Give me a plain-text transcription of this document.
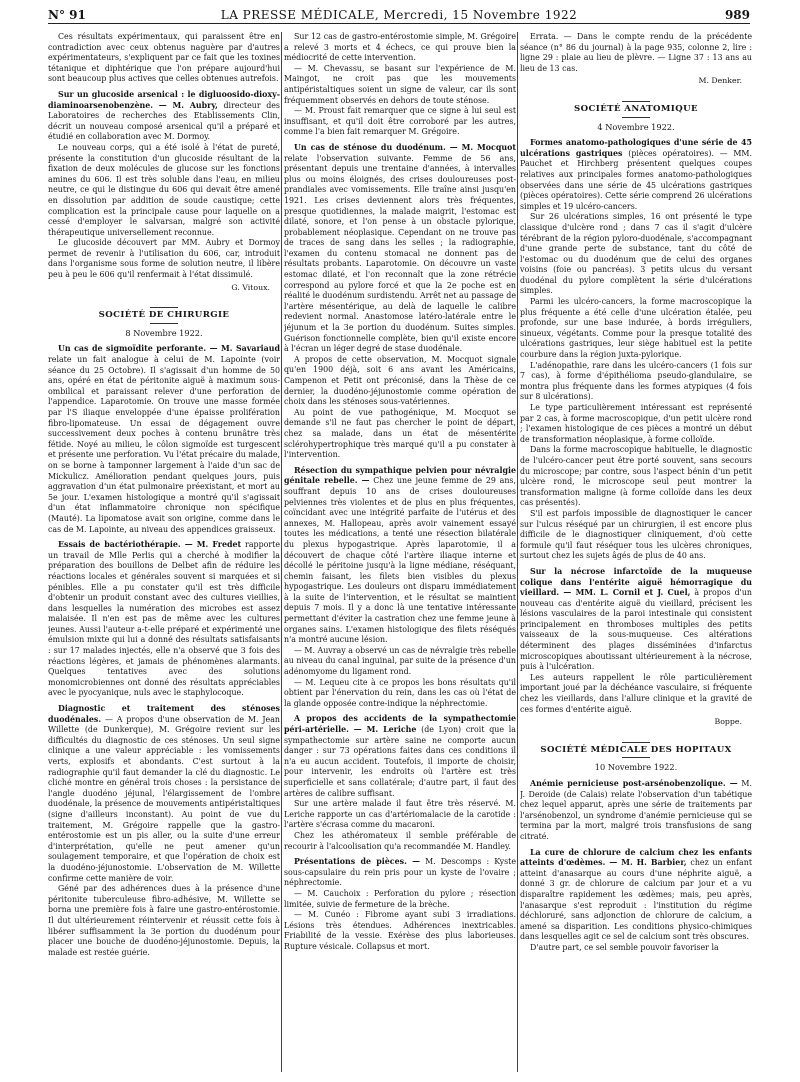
N° 91	LA PRESSE MÉDICALE, Mercredi, 15 Novembre 1922	989

Ces résultats expérimentaux, qui paraissent être en contradiction avec ceux obtenus naguère par d'autres expérimentateurs, s'expliquent par ce fait que les toxines tétanique et diphtérique que l'on prépare aujourd'hui sont beaucoup plus actives que celles obtenues autrefois.

Sur un glucoside arsenical : le digluoosido-dioxy-diaminoarsenobenzène. — M. Aubry, directeur des Laboratoires de recherches des Etablissements Clin, décrit un nouveau composé arsenical qu'il a préparé et étudié en collaboration avec M. Dormoy.

Le nouveau corps, qui a été isolé à l'état de pureté, présente la constitution d'un glucoside résultant de la fixation de deux molécules de glucose sur les fonctions amines du 606. Il est très soluble dans l'eau, en milieu neutre, ce qui le distingue du 606 qui devait être amené en dissolution par addition de soude caustique; cette complication est la principale cause pour laquelle on a cessé d'employer le salvarsan, malgré son activité thérapeutique universellement reconnue.

Le glucoside découvert par MM. Aubry et Dormoy permet de revenir à l'utilisation du 606, car, introduit dans l'organisme sous forme de solution neutre, il libère peu à peu le 606 qu'il renfermait à l'état dissimulé.

G. Vitoux.
SOCIÉTÉ DE CHIRURGIE
8 Novembre 1922.

Un cas de sigmoïdite perforante. — M. Savariaud relate un fait analogue à celui de M. Lapointe (voir séance du 25 Octobre). Il s'agissait d'un homme de 50 ans, opéré en état de péritonite aiguë à maximum sous-ombilical et paraissant relever d'une perforation de l'appendice. Laparotomie. On trouve une masse formée par l'S iliaque enveloppée d'une épaisse prolifération fibro-lipomateuse. Un essai de dégagement ouvre successivement deux poches à contenu brunâtre très fétide. Noyé au milieu, le côlon sigmoïde est turgescent et présente une perforation. Vu l'état précaire du malade, on se borne à tamponner largement à l'aide d'un sac de Mickulicz. Amélioration pendant quelques jours, puis aggravation d'un état pulmonaire préexistant, et mort au 5e jour. L'examen histologique a montré qu'il s'agissait d'un état inflammatoire chronique non spécifique (Mauté). La lipomatose avait son origine, comme dans le cas de M. Lapointe, au niveau des appendices graisseux.

Essais de bactériothérapie. — M. Fredet rapporte un travail de Mlle Perlis qui a cherché à modifier la préparation des bouillons de Delbet afin de réduire les réactions locales et générales souvent si marquées et si pénibles. Elle a pu constater qu'il est très difficile d'obtenir un produit constant avec des cultures vieillies, dans lesquelles la numération des microbes est assez malaisée. Il n'en est pas de même avec les cultures jeunes. Aussi l'auteur a-t-elle préparé et expérimenté une émulsion mixte qui lui a donné des résultats satisfaisants : sur 17 malades injectés, elle n'a observé que 3 fois des réactions légères, et jamais de phénomènes alarmants. Quelques tentatives avec des solutions monomicrobiennes ont donné des résultats appréciables avec le pyocyanique, nuls avec le staphylocoque.

Diagnostic et traitement des sténoses duodénales. — A propos d'une observation de M. Jean Willette (de Dunkerque), M. Grégoire revient sur les difficultés du diagnostic de ces sténoses. Un seul signe clinique a une valeur appréciable : les vomissements verts, explosifs et abondants. C'est surtout à la radiographie qu'il faut demander la clé du diagnostic. Le cliché montre en général trois choses : la persistance de l'angle duodéno jéjunal, l'élargissement de l'ombre duodénale, la présence de mouvements antipéristaltiques (signe d'ailleurs inconstant). Au point de vue du traitement, M. Grégoire rappelle que la gastro-entérostomie est un pis aller, ou la suite d'une erreur d'interprétation, qu'elle ne peut amener qu'un soulagement temporaire, et que l'opération de choix est la duodéno-jéjunostomie. L'observation de M. Willette confirme cette manière de voir.

Géné par des adhérences dues à la présence d'une péritonite tuberculeuse fibro-adhésive, M. Willette se bornа une première fois à faire une gastro-entérostomie. Il dut ultérieurement réintervenir et réussit cette fois à libérer suffisamment la 3e portion du duodénum pour placer une bouche de duodéno-jéjunostomie. Depuis, la malade est restée guérie.

Sur 12 cas de gastro-entérostomie simple, M. Grégoire a relevé 3 morts et 4 échecs, ce qui prouve bien la médiocrité de cette intervention.

— M. Chevassu, se basant sur l'expérience de M. Maingot, ne croit pas que les mouvements antipéristaltiques soient un signe de valeur, car ils sont fréquemment observés en dehors de toute sténose.

— M. Proust fait remarquer que ce signe à lui seul est insuffisant, et qu'il doit être corroboré par les autres, comme l'a bien fait remarquer M. Grégoire.

Un cas de sténose du duodénum. — M. Mocquot relate l'observation suivante. Femme de 56 ans, présentant depuis une trentaine d'années, à intervalles plus ou moins éloignés, des crises douloureuses post-prandiales avec vomissements. Elle traîne ainsi jusqu'en 1921. Les crises deviennent alors très fréquentes, presque quotidiennes, la malade maigrit, l'estomac est dilaté, sonore, et l'on pense à un obstacle pylorique, probablement néoplasique. Cependant on ne trouve pas de traces de sang dans les selles ; la radiographie, l'examen du contenu stomacal ne donnent pas de résultats probants. Laparotomie. On découvre un vaste estomac dilaté, et l'on reconnaît que la zone rétrécie correspond au pylore forcé et que la 2e poche est en réalité le duodénum surdistendu. Arrêt net au passage de l'artère mésentérique, au delà de laquelle le calibre redevient normal. Anastomose latéro-latérale entre le jéjunum et la 3e portion du duodénum. Suites simples. Guérison fonctionnelle complète, bien qu'il existe encore à l'écran un léger degré de stase duodénale.

A propos de cette observation, M. Mocquot signale qu'en 1900 déjà, soit 6 ans avant les Américains, Campenon et Petit ont préconisé, dans la Thèse de ce dernier, la duodéno-jéjunostomie comme opération de choix dans les sténoses sous-vatériennes.

Au point de vue pathogénique, M. Mocquot se demande s'il ne faut pas chercher le point de départ, chez sa malade, dans un état de mésentérite sclérohypertrophique très marqué qu'il a pu constater à l'intervention.

Résection du sympathique pelvien pour névralgie génitale rebelle. — Chez une jeune femme de 29 ans, souffrant depuis 10 ans de crises douloureuses pelviennes très violentes et de plus en plus fréquentes, coïncidant avec une intégrité parfaite de l'utérus et des annexes, M. Hallopeau, après avoir vainement essayé toutes les médications, a tenté une résection bilatérale du plexus hypogastrique. Après laparotomie, il a découvert de chaque côté l'artère iliaque interne et décollé le péritoine jusqu'à la ligne médiane, réséquant, chemin faisant, les filets bien visibles du plexus hypogastrique. Les douleurs ont disparu immédiatement à la suite de l'intervention, et le résultat se maintient depuis 7 mois. Il y a donc là une tentative intéressante permettant d'éviter la castration chez une femme jeune à organes sains. L'examen histologique des filets réséqués n'a montré aucune lésion.

— M. Auvray a observé un cas de névralgie très rebelle au niveau du canal inguinal, par suite de la présence d'un adénomyome du ligament rond.

— M. Lequeu cite à ce propos les bons résultats qu'il obtient par l'énervation du rein, dans les cas où l'état de la glande opposée contre-indique la néphrectomie.

A propos des accidents de la sympathectomie péri-artérielle. — M. Leriche (de Lyon) croit que la sympathectomie sur artère saine ne comporte aucun danger : sur 73 opérations faites dans ces conditions il n'a eu aucun accident. Toutefois, il importe de choisir, pour intervenir, les endroits où l'artère est très superficielle et sans collatérale; d'autre part, il faut des artères de calibre suffisant.

Sur une artère malade il faut être très réservé. M. Leriche rapporte un cas d'artériomalacie de la carotide : l'artère s'écrasa comme du macaroni.

Chez les athéromateux il semble préférable de recourir à l'alcoolisation qu'a recommandée M. Handley.

Présentations de pièces. — M. Descomps : Kyste sous-capsulaire du rein pris pour un kyste de l'ovaire ; néphrectomie.

— M. Cauchoix : Perforation du pylore ; résection limitée, suivie de fermeture de la brèche.

— M. Cunéo : Fibrome ayant subi 3 irradiations. Lésions très étendues. Adhérences inextricables. Friabilité de la vessie. Exérèse des plus laborieuses. Rupture vésicale. Collapsus et mort.

Errata. — Dans le compte rendu de la précédente séance (n° 86 du journal) à la page 935, colonne 2, lire : ligne 29 : plaie au lieu de plèvre. — Ligne 37 : 13 ans au lieu de 13 cas.

M. Denker.
SOCIÉTÉ ANATOMIQUE
4 Novembre 1922.

Formes anatomo-pathologiques d'une série de 45 ulcérations gastriques (pièces opératoires). — MM. Pauchet et Hirchberg présentent quelques coupes relatives aux principales formes anatomo-pathologiques observées dans une série de 45 ulcérations gastriques (pièces opératoires). Cette série comprend 26 ulcérations simples et 19 ulcéro-cancers.

Sur 26 ulcérations simples, 16 ont présenté le type classique d'ulcère rond ; dans 7 cas il s'agit d'ulcère térébrant de la région pyloro-duodénale, s'accompagnant d'une grande perte de substance, tant du côté de l'estomac ou du duodénum que de celui des organes voisins (foie ou pancréas). 3 petits ulcus du versant duodénal du pylore complètent la série d'ulcérations simples.

Parmi les ulcéro-cancers, la forme macroscopique la plus fréquente a été celle d'une ulcération étalée, peu profonde, sur une base indurée, à bords irréguliers, sinueux, végétants. Comme pour la presque totalité des ulcérations gastriques, leur siège habituel est la petite courbure dans la région juxta-pylorique.

L'adénopathie, rare dans les ulcéro-cancers (1 fois sur 7 cas), à forme d'épithélioma pseudo-glandulaire, se montra plus fréquente dans les formes atypiques (4 fois sur 8 ulcérations).

Le type particulièrement intéressant est représenté par 2 cas, à forme macroscopique, d'un petit ulcère rond ; l'examen histologique de ces pièces a montré un début de transformation néoplasique, à forme colloïde.

Dans la forme macroscopique habituelle, le diagnostic de l'ulcéro-cancer peut être porté souvent, sans secours du microscope; par contre, sous l'aspect bénin d'un petit ulcère rond, le microscope seul peut montrer la transformation maligne (à forme colloïde dans les deux cas présentés).

S'il est parfois impossible de diagnostiquer le cancer sur l'ulcus réséqué par un chirurgien, il est encore plus difficile de le diagnostiquer cliniquement, d'où cette formule qu'il faut réséquer tous les ulcères chroniques, surtout chez les sujets âgés de plus de 40 ans.

Sur la nécrose infarctoïde de la muqueuse colique dans l'entérite aiguë hémorragique du vieillard. — MM. L. Cornil et J. Cuel, à propos d'un nouveau cas d'entérite aiguë du vieillard, précisent les lésions vasculaires de la paroi intestinale qui consistent principalement en thromboses multiples des petits vaisseaux de la sous-muqueuse. Ces altérations déterminent des plages disséminées d'infarctus microscopiques aboutissant ultérieurement à la nécrose, puis à l'ulcération.

Les auteurs rappellent le rôle particulièrement important joué par la déchéance vasculaire, si fréquente chez les vieillards, dans l'allure clinique et la gravité de ces formes d'entérite aiguë.

Boppe.
SOCIÉTÉ MÉDICALE DES HOPITAUX
10 Novembre 1922.

Anémie pernicieuse post-arsénobenzolique. — M. J. Deroide (de Calais) relate l'observation d'un tabétique chez lequel apparut, après une série de traitements par l'arsénobenzol, un syndrome d'anémie pernicieuse qui se termina par la mort, malgré trois transfusions de sang citraté.

La cure de chlorure de calcium chez les enfants atteints d'œdèmes. — M. H. Barbier, chez un enfant atteint d'anasarque au cours d'une néphrite aiguë, a donné 3 gr. de chlorure de calcium par jour et a vu disparaître rapidement les œdèmes; mais, peu après, l'anasarque s'est reproduit : l'institution du régime déchloruré, sans adjonction de chlorure de calcium, a amené sa disparition. Les conditions physico-chimiques dans lesquelles agit ce sel de calcium sont très obscures.

D'autre part, ce sel semble pouvoir favoriser la
